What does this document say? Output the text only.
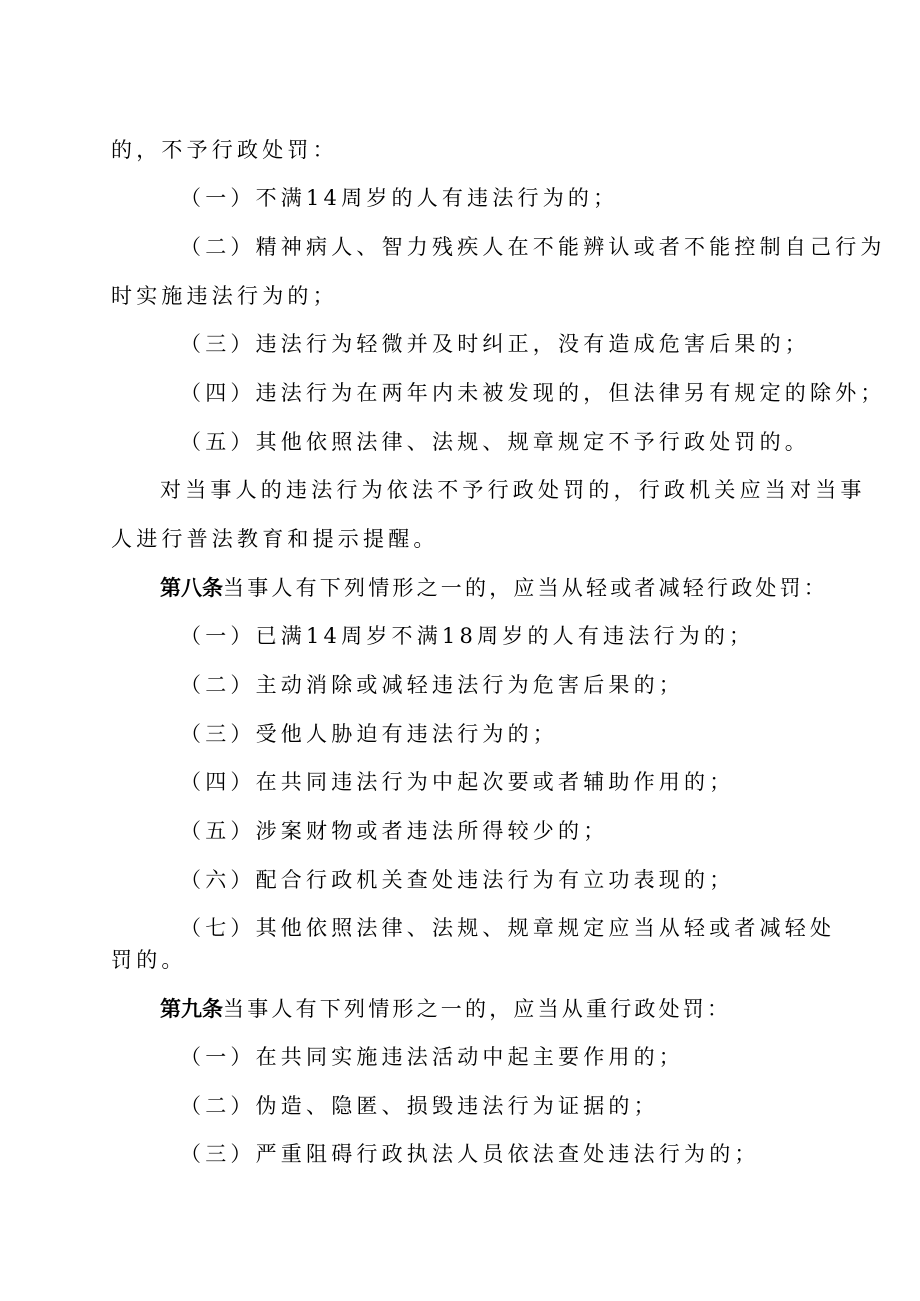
的，不予行政处罚：
（一）不满14周岁的人有违法行为的；
（二）精神病人、智力残疾人在不能辨认或者不能控制自己行为
时实施违法行为的；
（三）违法行为轻微并及时纠正，没有造成危害后果的；
（四）违法行为在两年内未被发现的，但法律另有规定的除外；
（五）其他依照法律、法规、规章规定不予行政处罚的。
对当事人的违法行为依法不予行政处罚的，行政机关应当对当事
人进行普法教育和提示提醒。
第八条当事人有下列情形之一的，应当从轻或者减轻行政处罚：
（一）已满14周岁不满18周岁的人有违法行为的；
（二）主动消除或减轻违法行为危害后果的；
（三）受他人胁迫有违法行为的；
（四）在共同违法行为中起次要或者辅助作用的；
（五）涉案财物或者违法所得较少的；
（六）配合行政机关查处违法行为有立功表现的；
（七）其他依照法律、法规、规章规定应当从轻或者减轻处
罚的。
第九条当事人有下列情形之一的，应当从重行政处罚：
（一）在共同实施违法活动中起主要作用的；
（二）伪造、隐匿、损毁违法行为证据的；
（三）严重阻碍行政执法人员依法查处违法行为的；
